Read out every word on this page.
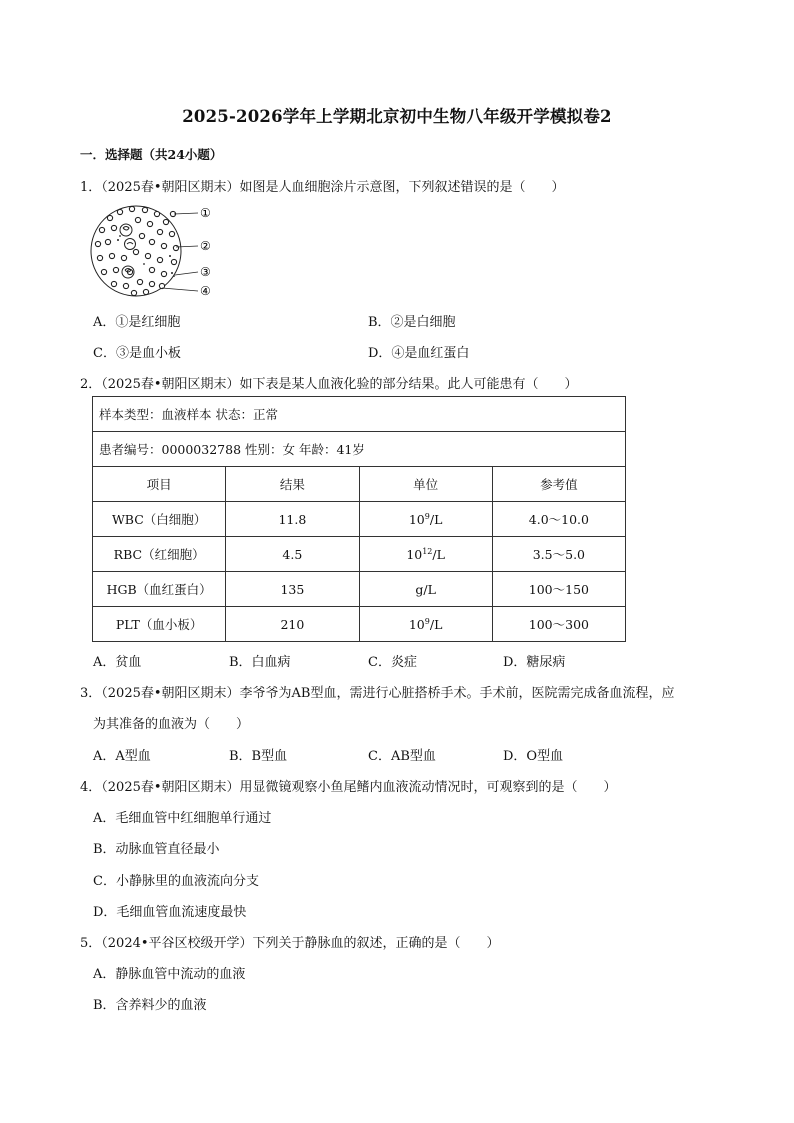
2025-2026学年上学期北京初中生物八年级开学模拟卷2
一．选择题（共24小题）
1．（2025春•朝阳区期末）如图是人血细胞涂片示意图，下列叙述错误的是（　　）
①
②
③
④
A．①是红细胞	B．②是白细胞
C．③是血小板	D．④是血红蛋白
2．（2025春•朝阳区期末）如下表是某人血液化验的部分结果。此人可能患有（　　）
样本类型：血液样本 状态：正常			
患者编号：0000032788 性别：女 年龄：41岁			
项目	结果	单位	参考值
WBC（白细胞）	11.8	$10^9/L$	4.0～10.0
RBC（红细胞）	4.5	$10^{12}/L$	3.5～5.0
HGB（血红蛋白）	135	g/L	100～150
PLT（血小板）	210	$10^9/L$	100～300
A．贫血	B．白血病	C．炎症	D．糖尿病
3．（2025春•朝阳区期末）李爷爷为AB型血，需进行心脏搭桥手术。手术前，医院需完成备血流程，应
为其准备的血液为（　　）
A．A型血	B．B型血	C．AB型血	D．O型血
4．（2025春•朝阳区期末）用显微镜观察小鱼尾鳍内血液流动情况时，可观察到的是（　　）
A．毛细血管中红细胞单行通过
B．动脉血管直径最小
C．小静脉里的血液流向分支
D．毛细血管血流速度最快
5．（2024•平谷区校级开学）下列关于静脉血的叙述，正确的是（　　）
A．静脉血管中流动的血液
B．含养料少的血液
